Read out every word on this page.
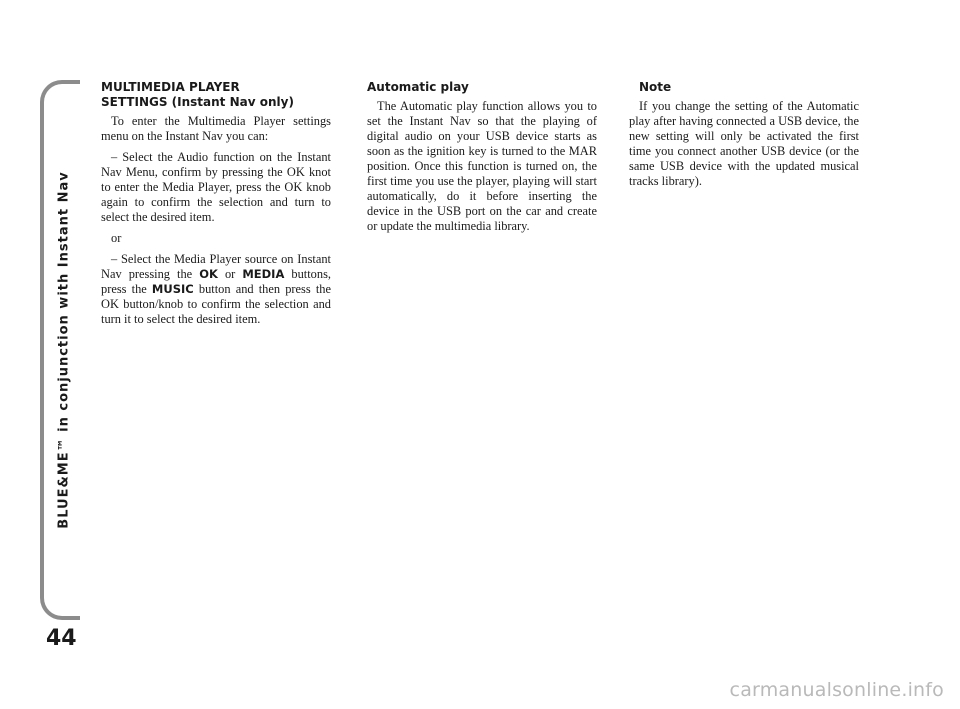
BLUE&ME™ in conjunction with Instant Nav
44
MULTIMEDIA PLAYER
SETTINGS (Instant Nav only)

To enter the Multimedia Player settings menu on the Instant Nav you can:

– Select the Audio function on the Instant Nav Menu, confirm by pressing the OK knot to enter the Media Player, press the OK knob again to confirm the selection and turn to select the desired item.

or

– Select the Media Player source on Instant Nav pressing the OK or MEDIA buttons, press the MUSIC button and then press the OK button/knob to confirm the selection and turn it to select the desired item.

Automatic play

The Automatic play function allows you to set the Instant Nav so that the playing of digital audio on your USB device starts as soon as the ignition key is turned to the MAR position. Once this function is turned on, the first time you use the player, playing will start automatically, do it before inserting the device in the USB port on the car and create or update the multimedia library.

Note

If you change the setting of the Automatic play after having connected a USB device, the new setting will only be activated the first time you connect another USB device (or the same USB device with the updated musical tracks library).

carmanualsonline.info
